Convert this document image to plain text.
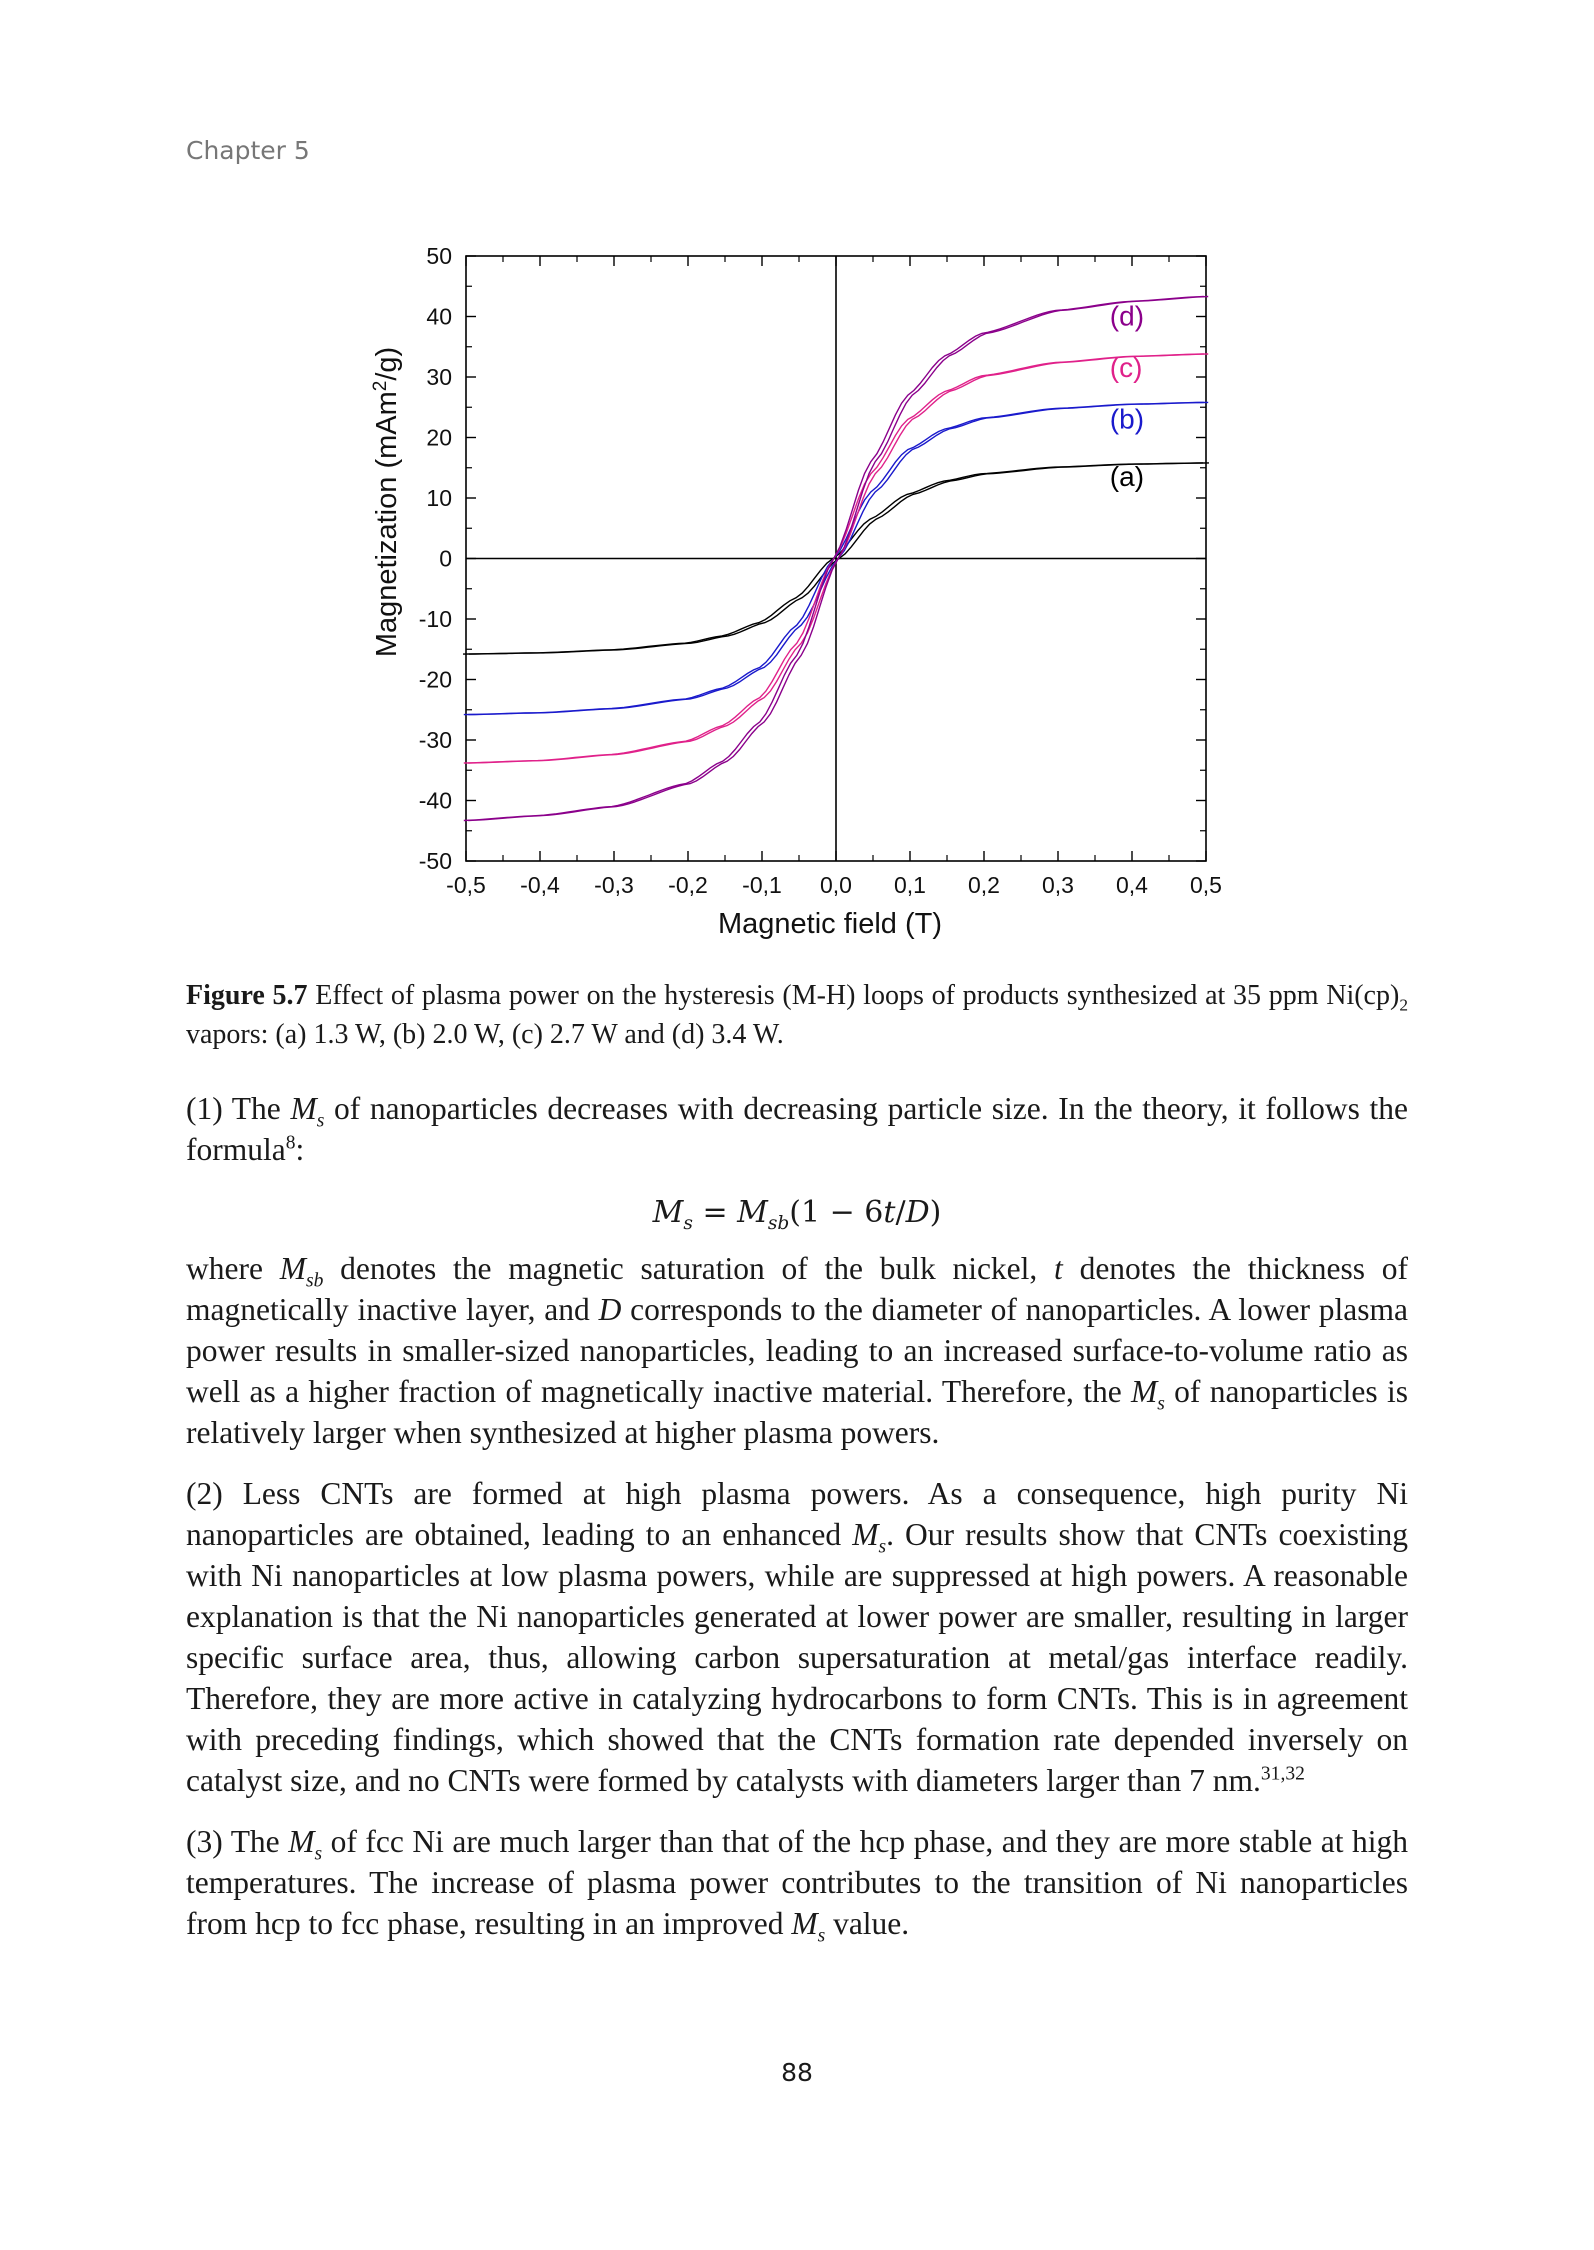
Chapter 5
-0,5 -0,4 -0,3 -0,2 -0,1 0,0 0,1 0,2 0,3 0,4 0,5
-50
-40
-30
-20
-10
0
10
20
30
40
50
(d)
(c)
(b)
(a)
Magnetic field (T)
Magnetization (mAm$^2$/g)
Figure 5.7 Effect of plasma power on the hysteresis (M-H) loops of products synthesized at 35 ppm $Ni(cp)_2$ vapors: (a) 1.3 W, (b) 2.0 W, (c) 2.7 W and (d) 3.4 W.

(1) The $M_s$ of nanoparticles decreases with decreasing particle size. In the theory, it follows the formula$^8$:

$M_s = M_{sb}(1 - 6t/D)$

where $M_{sb}$ denotes the magnetic saturation of the bulk nickel, t denotes the thickness of magnetically inactive layer, and D corresponds to the diameter of nanoparticles. A lower plasma power results in smaller-sized nanoparticles, leading to an increased surface-to-volume ratio as well as a higher fraction of magnetically inactive material. Therefore, the $M_s$ of nanoparticles is relatively larger when synthesized at higher plasma powers.

(2) Less CNTs are formed at high plasma powers. As a consequence, high purity Ni nanoparticles are obtained, leading to an enhanced $M_s$. Our results show that CNTs coexisting with Ni nanoparticles at low plasma powers, while are suppressed at high powers. A reasonable explanation is that the Ni nanoparticles generated at lower power are smaller, resulting in larger specific surface area, thus, allowing carbon supersaturation at metal/gas interface readily. Therefore, they are more active in catalyzing hydrocarbons to form CNTs. This is in agreement with preceding findings, which showed that the CNTs formation rate depended inversely on catalyst size, and no CNTs were formed by catalysts with diameters larger than 7 nm.$^{31,32}$

(3) The $M_s$ of fcc Ni are much larger than that of the hcp phase, and they are more stable at high temperatures. The increase of plasma power contributes to the transition of Ni nanoparticles from hcp to fcc phase, resulting in an improved $M_s$ value.

88
